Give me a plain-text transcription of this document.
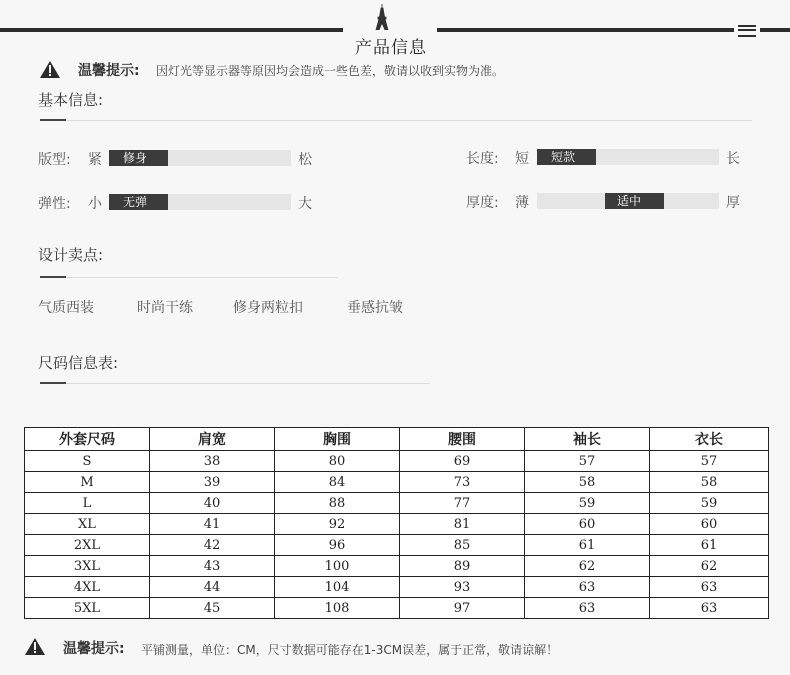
产品信息
温馨提示: 因灯光等显示器等原因均会造成一些色差，敬请以收到实物为准。
基本信息:
版型: 紧	修身	松	长度: 短	短款	长
弹性: 小	无弹	大	厚度: 薄	适中	厚
设计卖点:
气质西装	时尚干练	修身两粒扣	垂感抗皱
尺码信息表:
外套尺码	肩宽	胸围	腰围	袖长	衣长
S	38	80	69	57	57
M	39	84	73	58	58
L	40	88	77	59	59
XL	41	92	81	60	60
2XL	42	96	85	61	61
3XL	43	100	89	62	62
4XL	44	104	93	63	63
5XL	45	108	97	63	63
温馨提示: 平铺测量，单位：CM，尺寸数据可能存在1-3CM误差，属于正常，敬请谅解！
